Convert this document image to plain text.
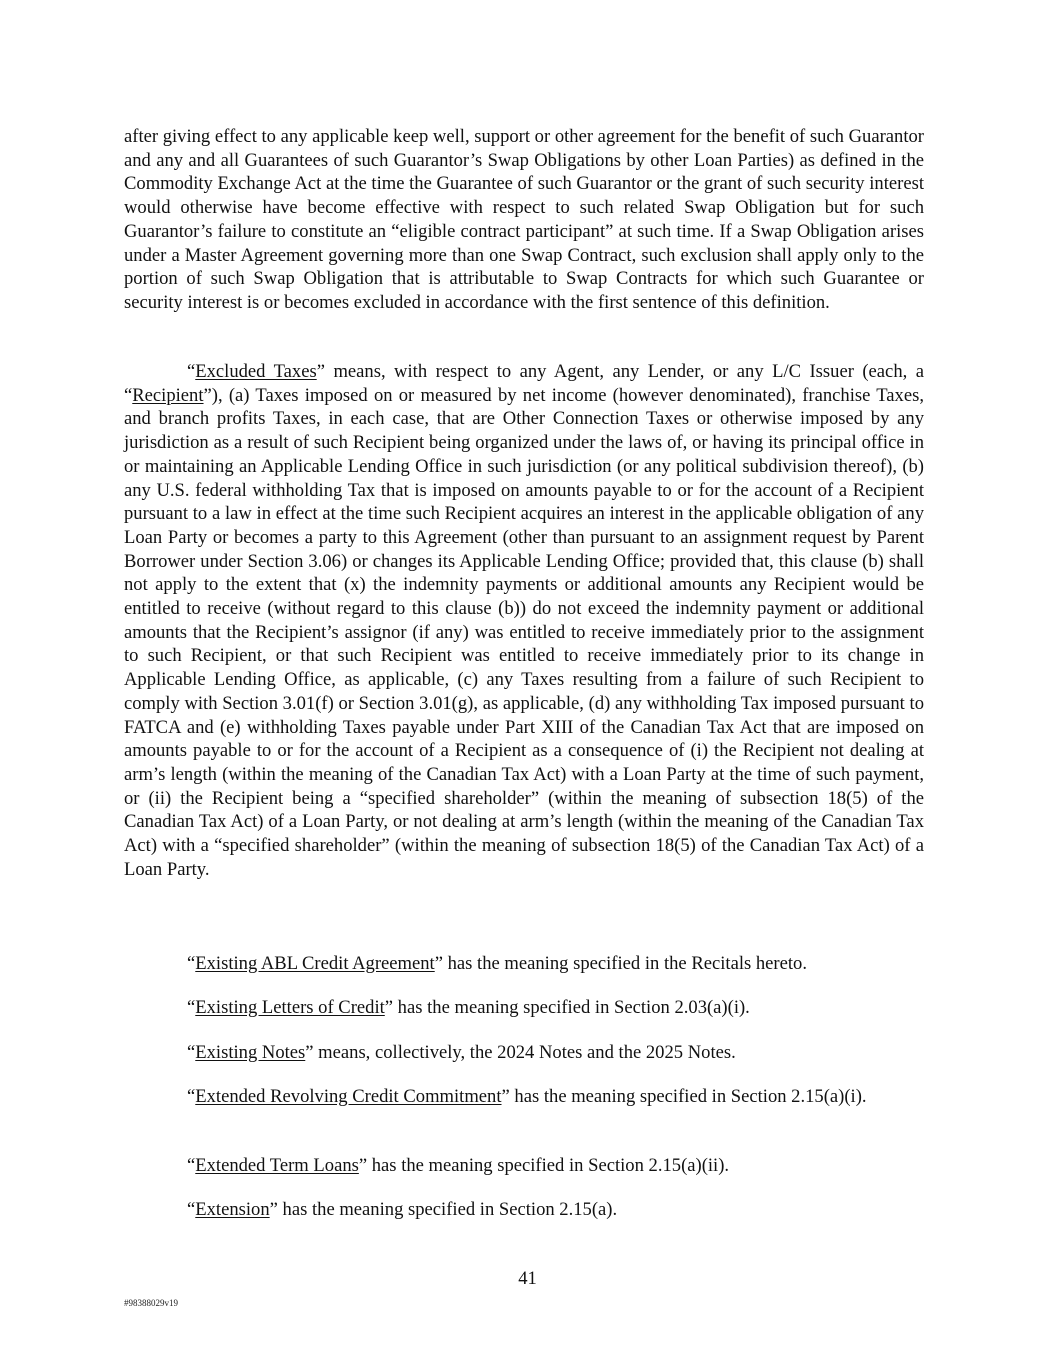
after giving effect to any applicable keep well, support or other agreement for the benefit of such Guarantor and any and all Guarantees of such Guarantor’s Swap Obligations by other Loan Parties) as defined in the Commodity Exchange Act at the time the Guarantee of such Guarantor or the grant of such security interest would otherwise have become effective with respect to such related Swap Obligation but for such Guarantor’s failure to constitute an “eligible contract participant” at such time. If a Swap Obligation arises under a Master Agreement governing more than one Swap Contract, such exclusion shall apply only to the portion of such Swap Obligation that is attributable to Swap Contracts for which such Guarantee or security interest is or becomes excluded in accordance with the first sentence of this definition.

“Excluded Taxes” means, with respect to any Agent, any Lender, or any L/C Issuer (each, a “Recipient”), (a) Taxes imposed on or measured by net income (however denominated), franchise Taxes, and branch profits Taxes, in each case, that are Other Connection Taxes or otherwise imposed by any jurisdiction as a result of such Recipient being organized under the laws of, or having its principal office in or maintaining an Applicable Lending Office in such jurisdiction (or any political subdivision thereof), (b) any U.S. federal withholding Tax that is imposed on amounts payable to or for the account of a Recipient pursuant to a law in effect at the time such Recipient acquires an interest in the applicable obligation of any Loan Party or becomes a party to this Agreement (other than pursuant to an assignment request by Parent Borrower under Section 3.06) or changes its Applicable Lending Office; provided that, this clause (b) shall not apply to the extent that (x) the indemnity payments or additional amounts any Recipient would be entitled to receive (without regard to this clause (b)) do not exceed the indemnity payment or additional amounts that the Recipient’s assignor (if any) was entitled to receive immediately prior to the assignment to such Recipient, or that such Recipient was entitled to receive immediately prior to its change in Applicable Lending Office, as applicable, (c) any Taxes resulting from a failure of such Recipient to comply with Section 3.01(f) or Section 3.01(g), as applicable, (d) any withholding Tax imposed pursuant to FATCA and (e) withholding Taxes payable under Part XIII of the Canadian Tax Act that are imposed on amounts payable to or for the account of a Recipient as a consequence of (i) the Recipient not dealing at arm’s length (within the meaning of the Canadian Tax Act) with a Loan Party at the time of such payment, or (ii) the Recipient being a “specified shareholder” (within the meaning of subsection 18(5) of the Canadian Tax Act) of a Loan Party, or not dealing at arm’s length (within the meaning of the Canadian Tax Act) with a “specified shareholder” (within the meaning of subsection 18(5) of the Canadian Tax Act) of a Loan Party.

“Existing ABL Credit Agreement” has the meaning specified in the Recitals hereto.

“Existing Letters of Credit” has the meaning specified in Section 2.03(a)(i).

“Existing Notes” means, collectively, the 2024 Notes and the 2025 Notes.

“Extended Revolving Credit Commitment” has the meaning specified in Section 2.15(a)(i).

“Extended Term Loans” has the meaning specified in Section 2.15(a)(ii).

“Extension” has the meaning specified in Section 2.15(a).

41
#98388029v19
